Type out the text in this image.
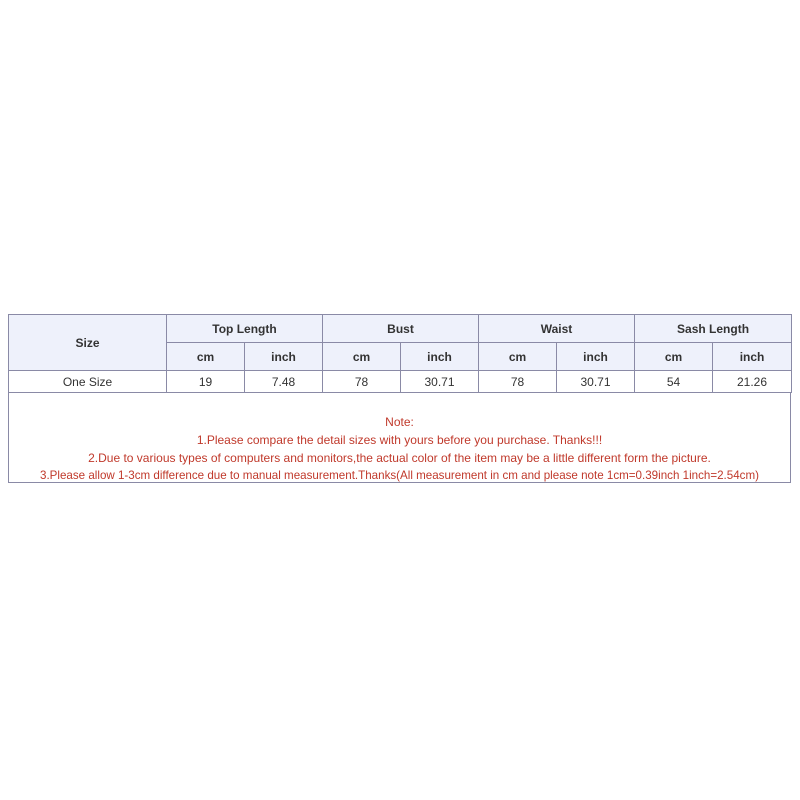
Size	Top Length		Bust		Waist		Sash Length	
	cm	inch	cm	inch	cm	inch	cm	inch
One Size	19	7.48	78	30.71	78	30.71	54	21.26
Note:
1.Please compare the detail sizes with yours before you purchase. Thanks!!!
2.Due to various types of computers and monitors,the actual color of the item may be a little different form the picture.
3.Please allow 1-3cm difference due to manual measurement.Thanks(All measurement in cm and please note 1cm=0.39inch 1inch=2.54cm)
